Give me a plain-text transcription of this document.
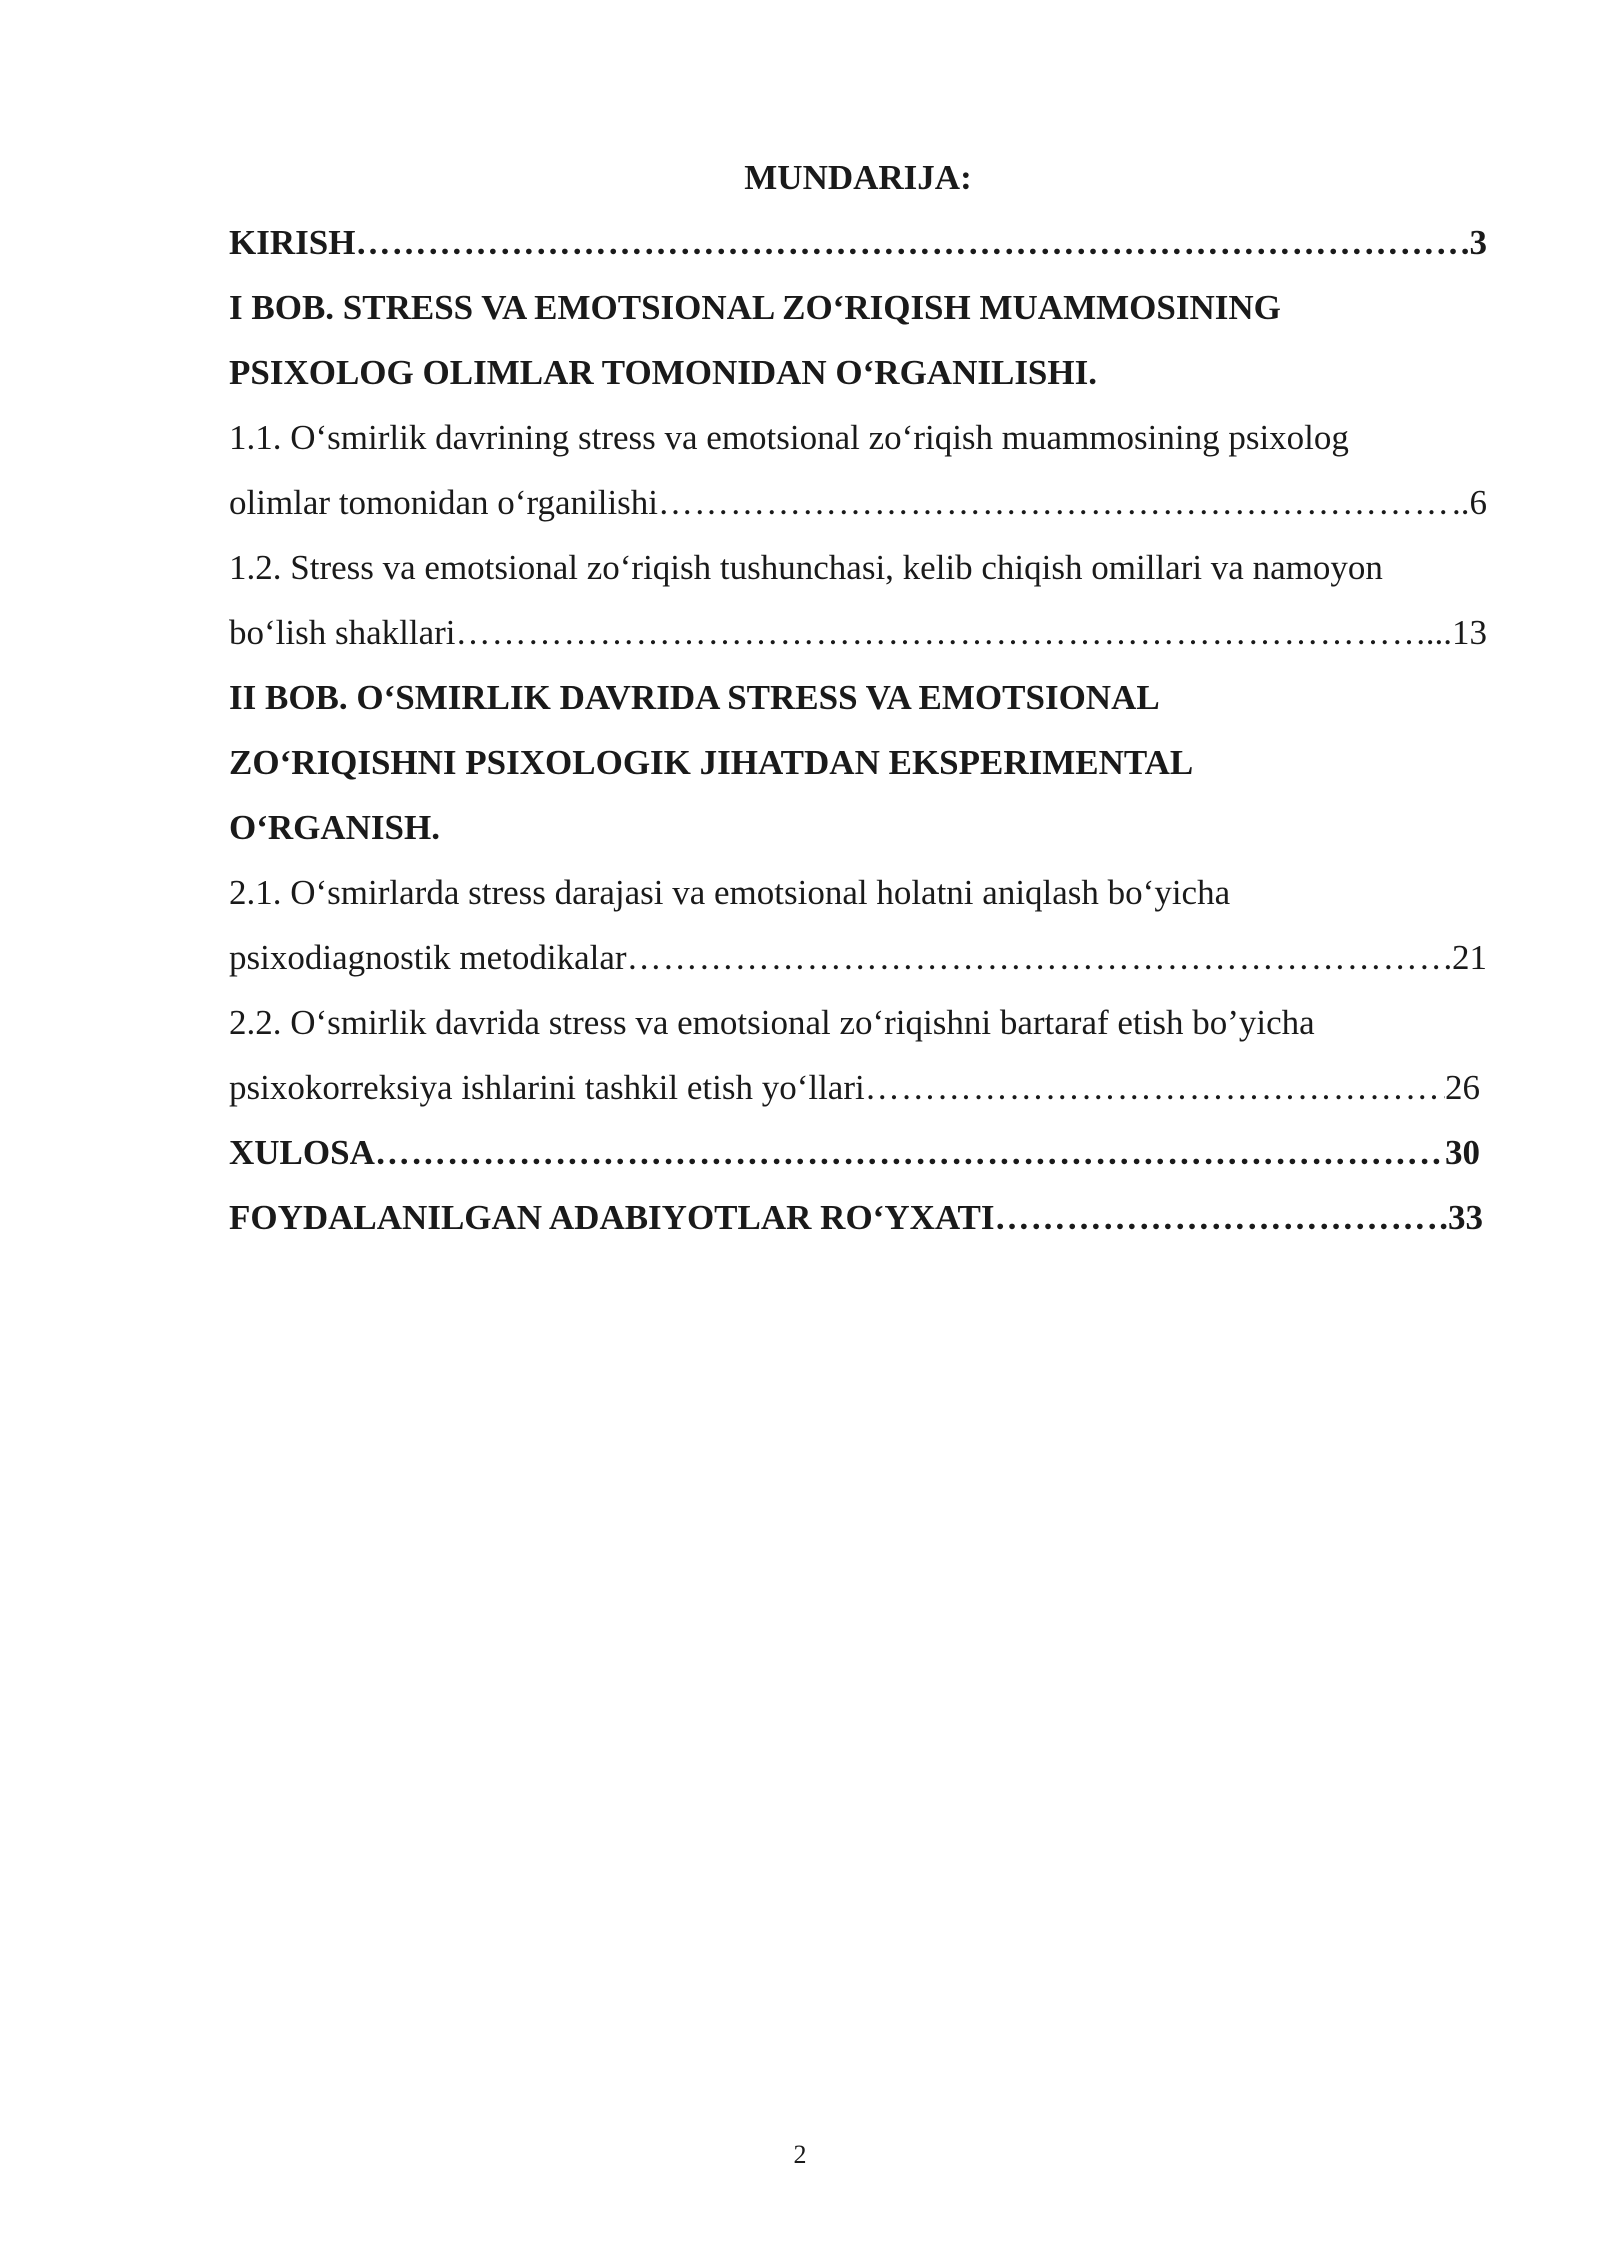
MUNDARIJA:
KIRISH ……………………………………………………………………………………………………………………………………………………………………………………………………………………………………………………	. 3
I BOB. STRESS VA EMOTSIONAL ZO‘RIQISH MUAMMOSINING
PSIXOLOG OLIMLAR TOMONIDAN O‘RGANILISHI.
1.1. O‘smirlik davrining stress va emotsional zo‘riqish muammosining psixolog
olimlar tomonidan o‘rganilishi ……………………………………………………………………………………………………………………………………………………………………………………………………………………………………………………	.. 6
1.2. Stress va emotsional zo‘riqish tushunchasi, kelib chiqish omillari va namoyon
bo‘lish shakllari ……………………………………………………………………………………………………………………………………………………………………………………………………………………………………………………	... 13
II BOB. O‘SMIRLIK DAVRIDA STRESS VA EMOTSIONAL
ZO‘RIQISHNI PSIXOLOGIK JIHATDAN EKSPERIMENTAL
O‘RGANISH.
2.1. O‘smirlarda stress darajasi va emotsional holatni aniqlash bo‘yicha
psixodiagnostik metodikalar ……………………………………………………………………………………………………………………………………………………………………………………………………………………………………………………	21
2.2. O‘smirlik davrida stress va emotsional zo‘riqishni bartaraf etish bo’yicha
psixokorreksiya ishlarini tashkil etish yo‘llari ……………………………………………………………………………………………………………………………………………………………………………………………………………………………………………………	26
XULOSA ……………………………………………………………………………………………………………………………………………………………………………………………………………………………………………………	30
FOYDALANILGAN ADABIYOTLAR RO‘YXATI ……………………………………………………………………………………………………………………………………………………………………………………………………………………………………………………	. 33
2
